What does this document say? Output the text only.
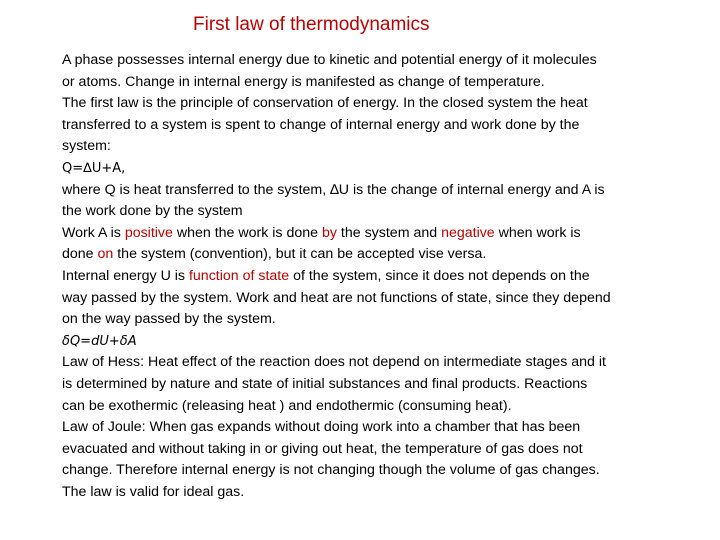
First law of thermodynamics
A phase possesses internal energy due to kinetic and potential energy of it molecules
or atoms. Change in internal energy is manifested as change of temperature.
The first law is the principle of conservation of energy. In the closed system the heat
transferred to a system is spent to change of internal energy and work done by the
system:
Q=∆U+A,
where Q is heat transferred to the system, ∆U is the change of internal energy and A is
the work done by the system
Work A is positive when the work is done by the system and negative when work is
done on the system (convention), but it can be accepted vise versa.
Internal energy U is function of state of the system, since it does not depends on the
way passed by the system. Work and heat are not functions of state, since they depend
on the way passed by the system.
δQ=dU+δA
Law of Hess: Heat effect of the reaction does not depend on intermediate stages and it
is determined by nature and state of initial substances and final products. Reactions
can be exothermic (releasing heat ) and endothermic (consuming heat).
Law of Joule: When gas expands without doing work into a chamber that has been
evacuated and without taking in or giving out heat, the temperature of gas does not
change. Therefore internal energy is not changing though the volume of gas changes.
The law is valid for ideal gas.
